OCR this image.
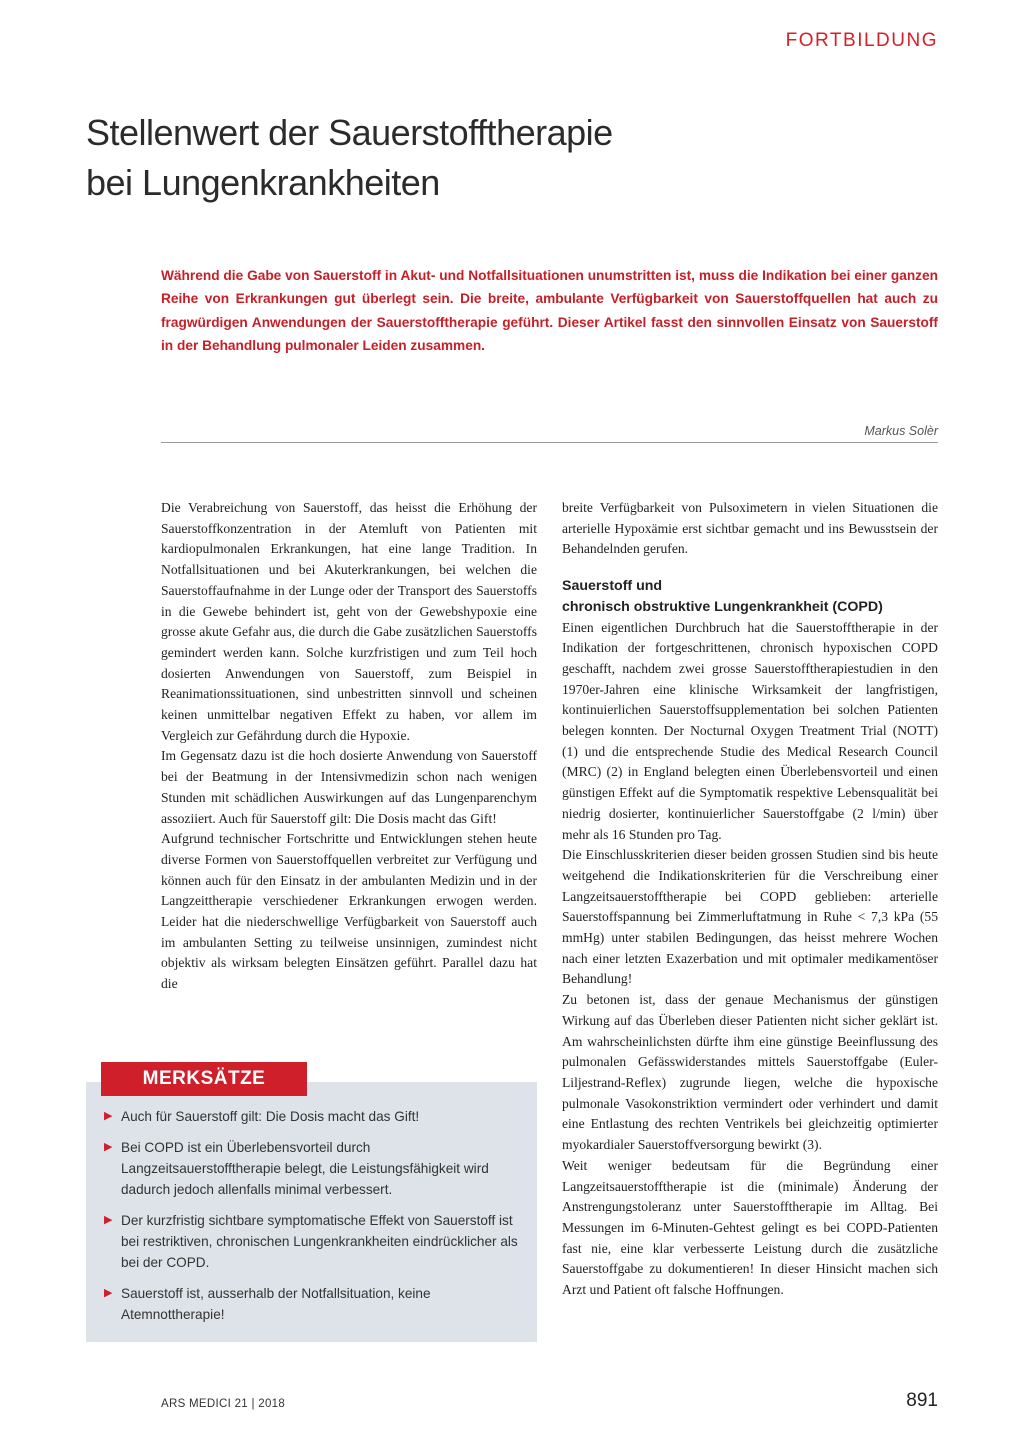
FORTBILDUNG
Stellenwert der Sauerstofftherapie
bei Lungenkrankheiten

Während die Gabe von Sauerstoff in Akut- und Notfallsituationen unumstritten ist, muss die Indikation bei einer ganzen Reihe von Erkrankungen gut überlegt sein. Die breite, ambulante Verfügbarkeit von Sauerstoffquellen hat auch zu fragwürdigen Anwendungen der Sauerstofftherapie geführt. Dieser Artikel fasst den sinnvollen Einsatz von Sauerstoff in der Behandlung pulmonaler Leiden zusammen.

Markus Solèr

Die Verabreichung von Sauerstoff, das heisst die Erhöhung der Sauerstoffkonzentration in der Atemluft von Patienten mit kardiopulmonalen Erkrankungen, hat eine lange Tradition. In Notfallsituationen und bei Akuterkrankungen, bei welchen die Sauerstoffaufnahme in der Lunge oder der Transport des Sauerstoffs in die Gewebe behindert ist, geht von der Gewebshypoxie eine grosse akute Gefahr aus, die durch die Gabe zusätzlichen Sauerstoffs gemindert werden kann. Solche kurzfristigen und zum Teil hoch dosierten Anwendungen von Sauerstoff, zum Beispiel in Reanimationssituationen, sind unbestritten sinnvoll und scheinen keinen unmittelbar negativen Effekt zu haben, vor allem im Vergleich zur Gefährdung durch die Hypoxie.

Im Gegensatz dazu ist die hoch dosierte Anwendung von Sauerstoff bei der Beatmung in der Intensivmedizin schon nach wenigen Stunden mit schädlichen Auswirkungen auf das Lungenparenchym assoziiert. Auch für Sauerstoff gilt: Die Dosis macht das Gift!

Aufgrund technischer Fortschritte und Entwicklungen stehen heute diverse Formen von Sauerstoffquellen verbreitet zur Verfügung und können auch für den Einsatz in der ambulanten Medizin und in der Langzeittherapie verschiedener Erkrankungen erwogen werden. Leider hat die niederschwellige Verfügbarkeit von Sauerstoff auch im ambulanten Setting zu teilweise unsinnigen, zumindest nicht objektiv als wirksam belegten Einsätzen geführt. Parallel dazu hat die

breite Verfügbarkeit von Pulsoximetern in vielen Situationen die arterielle Hypoxämie erst sichtbar gemacht und ins Bewusstsein der Behandelnden gerufen.

Sauerstoff und
chronisch obstruktive Lungenkrankheit (COPD)

Einen eigentlichen Durchbruch hat die Sauerstofftherapie in der Indikation der fortgeschrittenen, chronisch hypoxischen COPD geschafft, nachdem zwei grosse Sauerstofftherapiestudien in den 1970er-Jahren eine klinische Wirksamkeit der langfristigen, kontinuierlichen Sauerstoffsupplementation bei solchen Patienten belegen konnten. Der Nocturnal Oxygen Treatment Trial (NOTT) (1) und die entsprechende Studie des Medical Research Council (MRC) (2) in England belegten einen Überlebensvorteil und einen günstigen Effekt auf die Symptomatik respektive Lebensqualität bei niedrig dosierter, kontinuierlicher Sauerstoffgabe (2 l/min) über mehr als 16 Stunden pro Tag.

Die Einschlusskriterien dieser beiden grossen Studien sind bis heute weitgehend die Indikationskriterien für die Verschreibung einer Langzeitsauerstofftherapie bei COPD geblieben: arterielle Sauerstoffspannung bei Zimmerluftatmung in Ruhe < 7,3 kPa (55 mmHg) unter stabilen Bedingungen, das heisst mehrere Wochen nach einer letzten Exazerbation und mit optimaler medikamentöser Behandlung!

Zu betonen ist, dass der genaue Mechanismus der günstigen Wirkung auf das Überleben dieser Patienten nicht sicher geklärt ist. Am wahrscheinlichsten dürfte ihm eine günstige Beeinflussung des pulmonalen Gefässwiderstandes mittels Sauerstoffgabe (Euler-Liljestrand-Reflex) zugrunde liegen, welche die hypoxische pulmonale Vasokonstriktion vermindert oder verhindert und damit eine Entlastung des rechten Ventrikels bei gleichzeitig optimierter myokardialer Sauerstoffversorgung bewirkt (3).

Weit weniger bedeutsam für die Begründung einer Langzeitsauerstofftherapie ist die (minimale) Änderung der Anstrengungstoleranz unter Sauerstofftherapie im Alltag. Bei Messungen im 6-Minuten-Gehtest gelingt es bei COPD-Patienten fast nie, eine klar verbesserte Leistung durch die zusätzliche Sauerstoffgabe zu dokumentieren! In dieser Hinsicht machen sich Arzt und Patient oft falsche Hoffnungen.

MERKSÄTZE
▶ Auch für Sauerstoff gilt: Die Dosis macht das Gift!
▶ Bei COPD ist ein Überlebensvorteil durch Langzeitsauerstofftherapie belegt, die Leistungsfähigkeit wird dadurch jedoch allenfalls minimal verbessert.
▶ Der kurzfristig sichtbare symptomatische Effekt von Sauerstoff ist bei restriktiven, chronischen Lungenkrankheiten eindrücklicher als bei der COPD.
▶ Sauerstoff ist, ausserhalb der Notfallsituation, keine Atemnottherapie!
ARS MEDICI 21 | 2018	891
